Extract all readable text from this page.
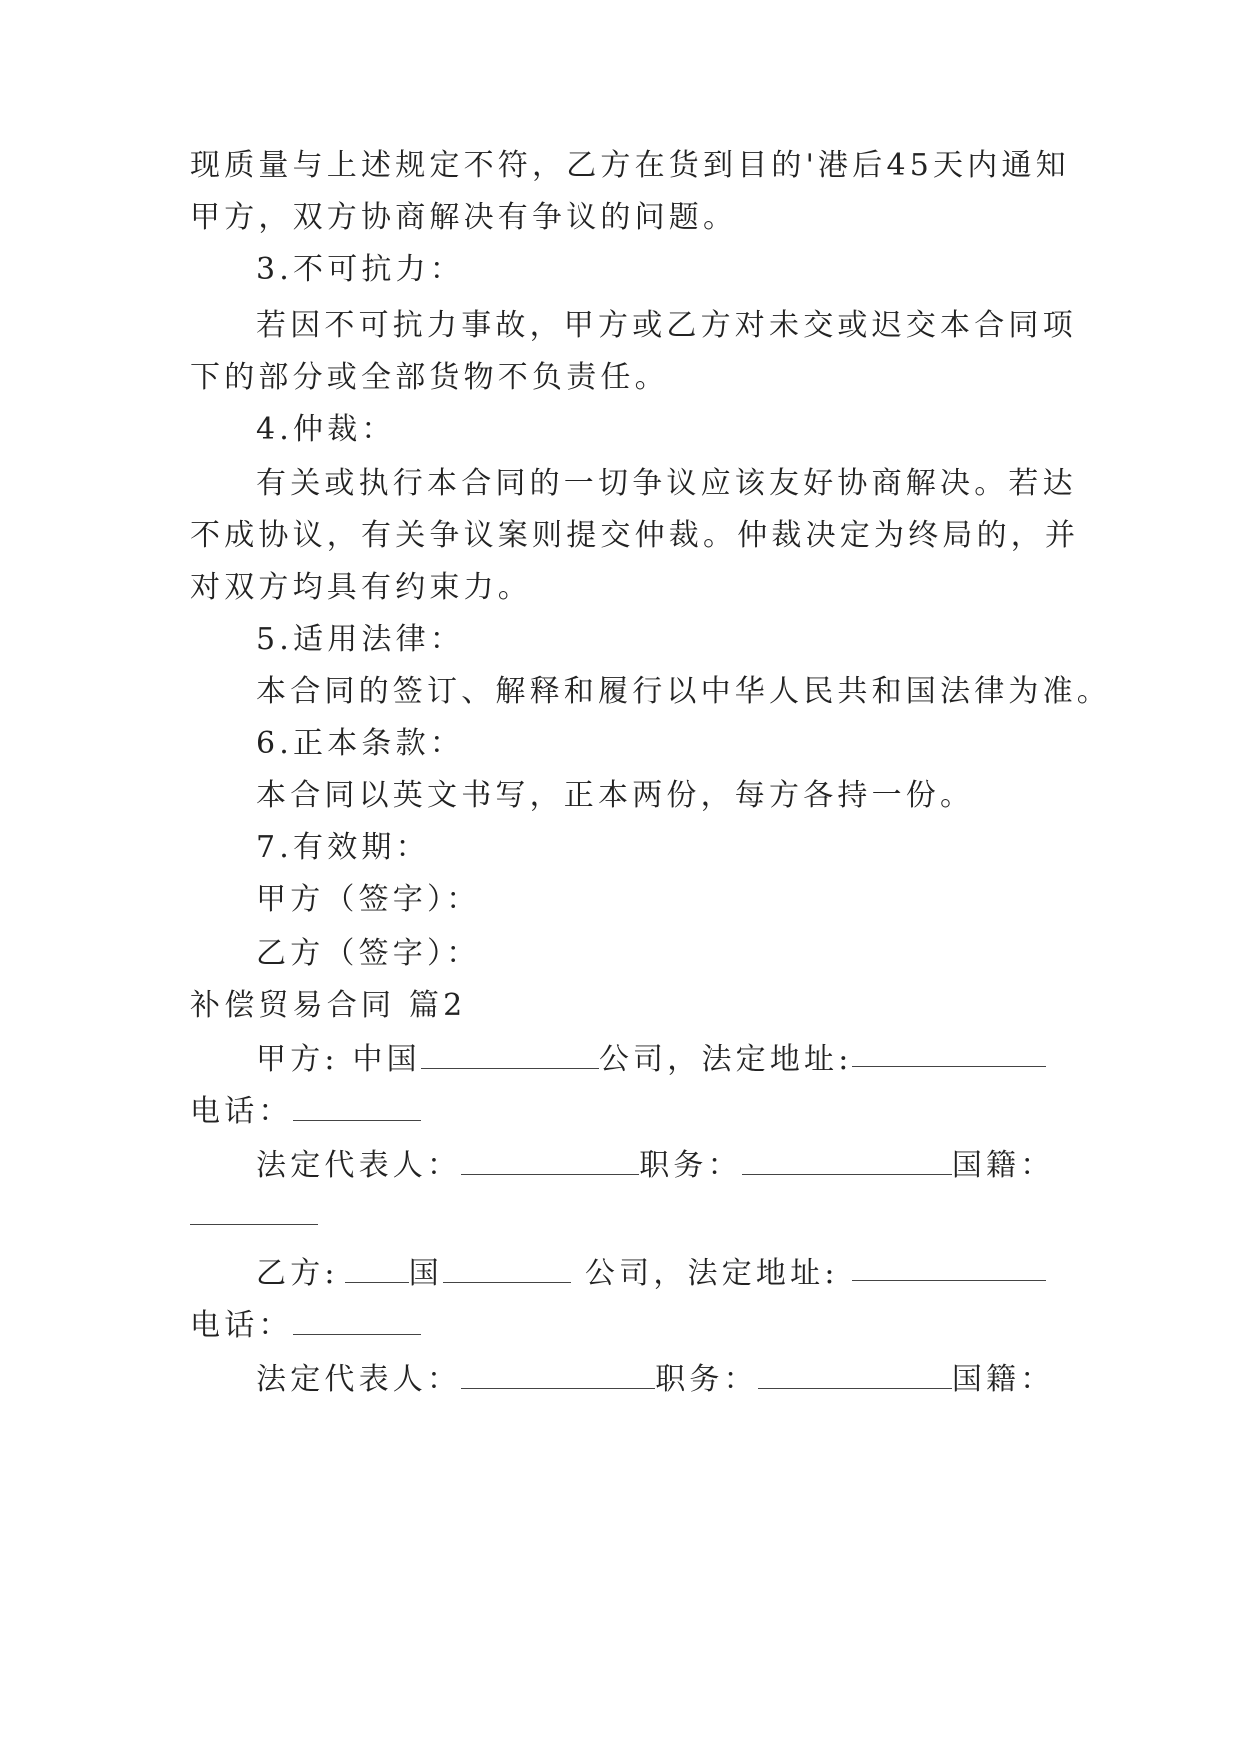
现质量与上述规定不符，乙方在货到目的'港后45天内通知
甲方，双方协商解决有争议的问题。
3.不可抗力：
若因不可抗力事故，甲方或乙方对未交或迟交本合同项
下的部分或全部货物不负责任。
4.仲裁：
有关或执行本合同的一切争议应该友好协商解决。若达
不成协议，有关争议案则提交仲裁。仲裁决定为终局的，并
对双方均具有约束力。
5.适用法律：
本合同的签订、解释和履行以中华人民共和国法律为准。
6.正本条款：
本合同以英文书写，正本两份，每方各持一份。
7.有效期：
甲方（签字）：
乙方（签字）：
补偿贸易合同 篇2
甲方: 中国	公司，法定地址:
电话：
法定代表人：	职务：	国籍：
乙方: 国	公司，法定地址:
电话：
法定代表人：	职务：	国籍：
